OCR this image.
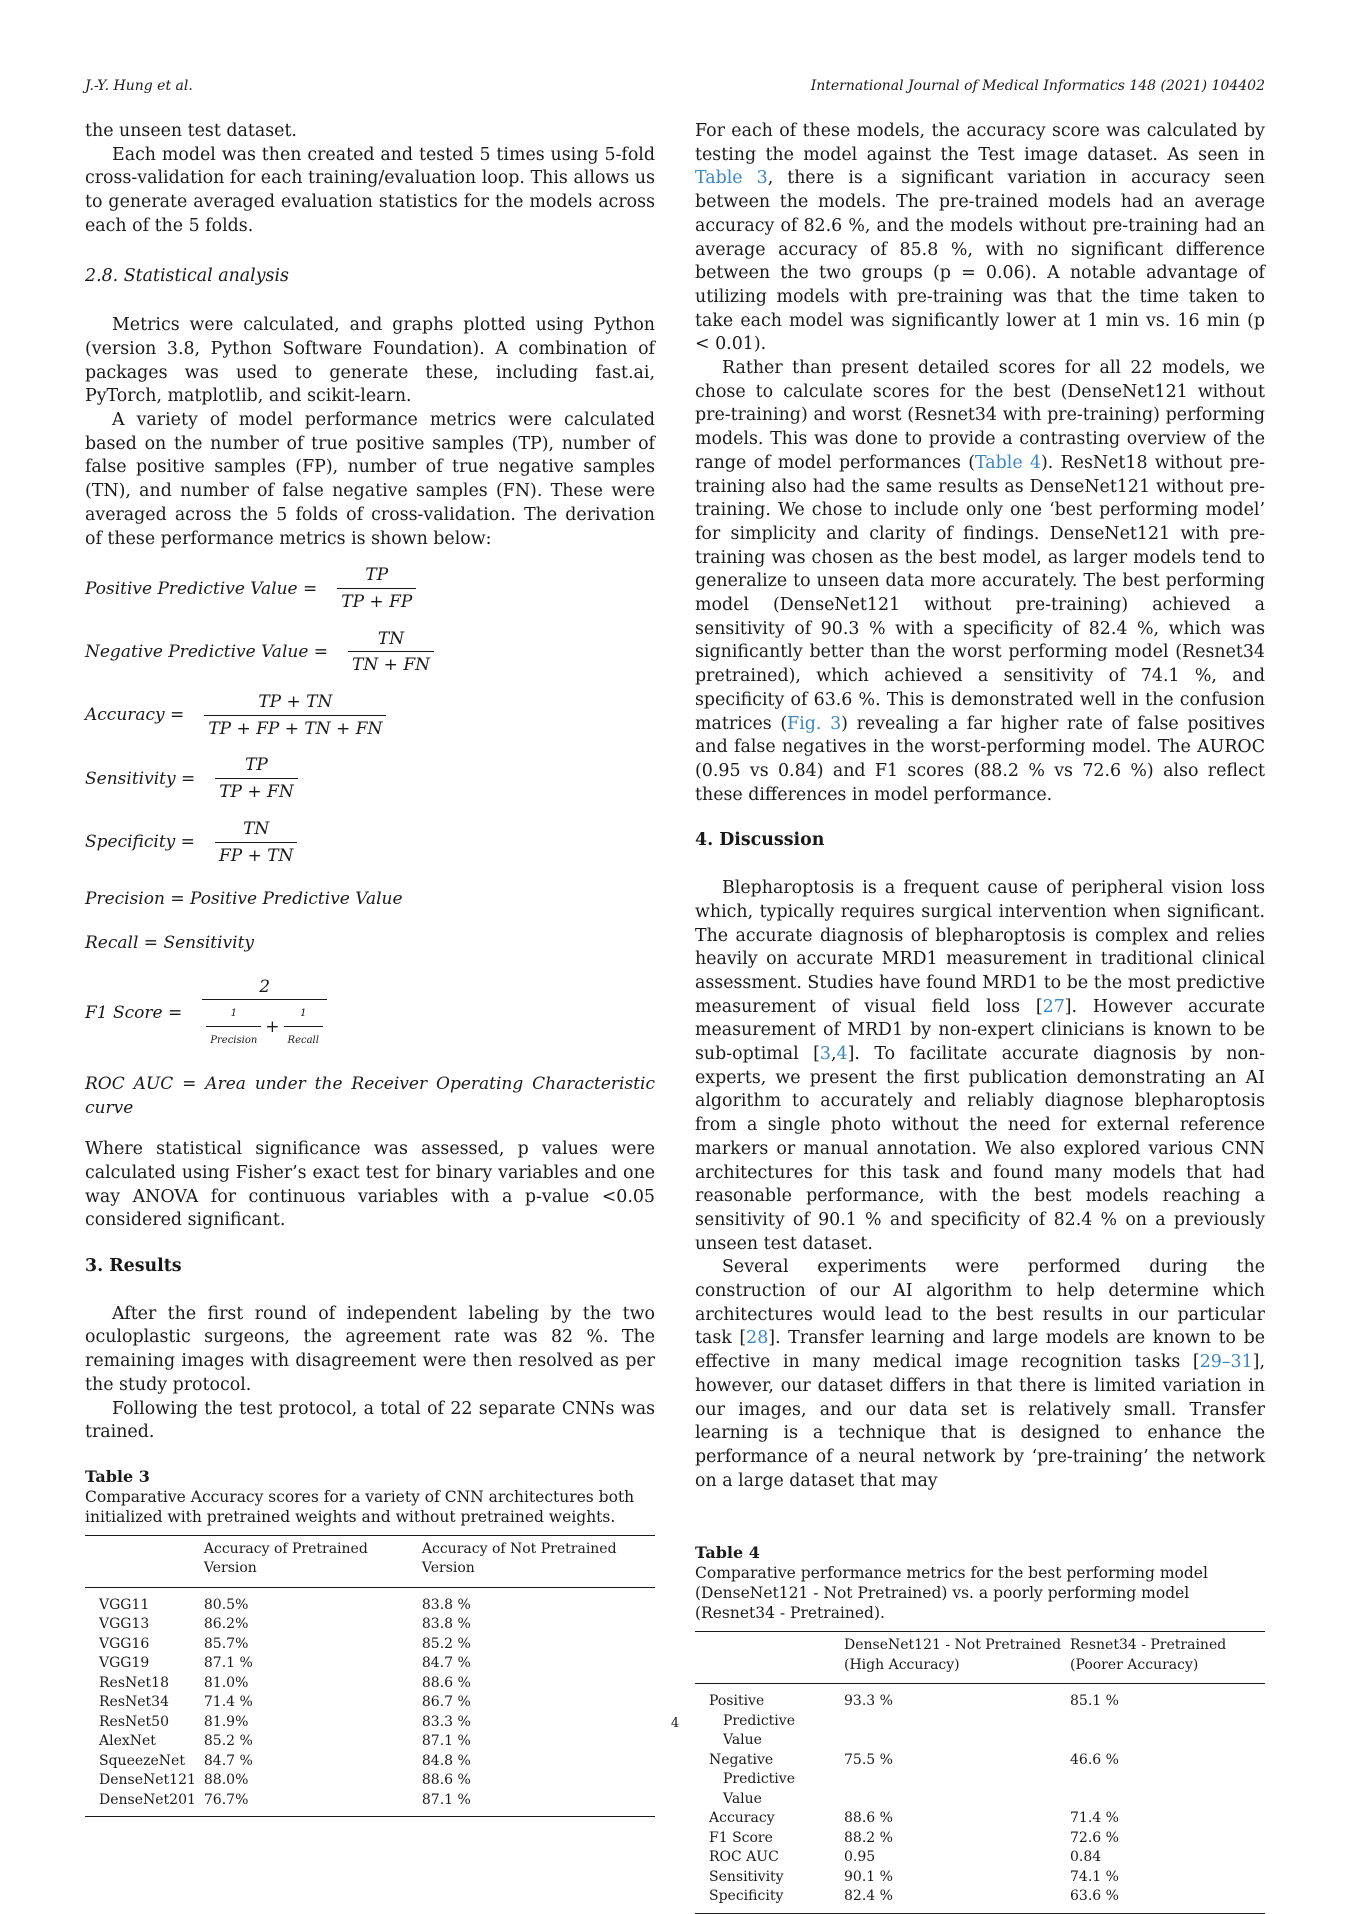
J.-Y. Hung et al.	International Journal of Medical Informatics 148 (2021) 104402

the unseen test dataset.

Each model was then created and tested 5 times using 5-fold cross-validation for each training/evaluation loop. This allows us to generate averaged evaluation statistics for the models across each of the 5 folds.

2.8. Statistical analysis

Metrics were calculated, and graphs plotted using Python (version 3.8, Python Software Foundation). A combination of packages was used to generate these, including fast.ai, PyTorch, matplotlib, and scikit-learn.

A variety of model performance metrics were calculated based on the number of true positive samples (TP), number of false positive samples (FP), number of true negative samples (TN), and number of false negative samples (FN). These were averaged across the 5 folds of cross-validation. The derivation of these performance metrics is shown below:

Positive Predictive Value = $\frac{TP}{TP + FP}$
Negative Predictive Value = $\frac{TN}{TN + FN}$
Accuracy = $\frac{TP + TN}{TP + FP + TN + FN}$
Sensitivity = $\frac{TP}{TP + FN}$
Specificity = $\frac{TN}{FP + TN}$
Precision = Positive Predictive Value
Recall = Sensitivity
F1 Score = 2
1
Precision
+
1
Recall
ROC AUC = Area under the Receiver Operating Characteristic curve

Where statistical significance was assessed, p values were calculated using Fisher’s exact test for binary variables and one way ANOVA for continuous variables with a p-value <0.05 considered significant.

3. Results

After the first round of independent labeling by the two oculoplastic surgeons, the agreement rate was 82 %. The remaining images with disagreement were then resolved as per the study protocol.

Following the test protocol, a total of 22 separate CNNs was trained.

Table 3
Comparative Accuracy scores for a variety of CNN architectures both initialized with pretrained weights and without pretrained weights.
	Accuracy of Pretrained Version	Accuracy of Not Pretrained Version
VGG11	80.5%	83.8 %
VGG13	86.2%	83.8 %
VGG16	85.7%	85.2 %
VGG19	87.1 %	84.7 %
ResNet18	81.0%	88.6 %
ResNet34	71.4 %	86.7 %
ResNet50	81.9%	83.3 %
AlexNet	85.2 %	87.1 %
SqueezeNet	84.7 %	84.8 %
DenseNet121	88.0%	88.6 %
DenseNet201	76.7%	87.1 %

For each of these models, the accuracy score was calculated by testing the model against the Test image dataset. As seen in Table 3, there is a significant variation in accuracy seen between the models. The pre-trained models had an average accuracy of 82.6 %, and the models without pre-training had an average accuracy of 85.8 %, with no significant difference between the two groups (p = 0.06). A notable advantage of utilizing models with pre-training was that the time taken to take each model was significantly lower at 1 min vs. 16 min (p < 0.01).

Rather than present detailed scores for all 22 models, we chose to calculate scores for the best (DenseNet121 without pre-training) and worst (Resnet34 with pre-training) performing models. This was done to provide a contrasting overview of the range of model performances (Table 4). ResNet18 without pre-training also had the same results as DenseNet121 without pre-training. We chose to include only one ‘best performing model’ for simplicity and clarity of findings. DenseNet121 with pre-training was chosen as the best model, as larger models tend to generalize to unseen data more accurately. The best performing model (DenseNet121 without pre-training) achieved a sensitivity of 90.3 % with a specificity of 82.4 %, which was significantly better than the worst performing model (Resnet34 pretrained), which achieved a sensitivity of 74.1 %, and specificity of 63.6 %. This is demonstrated well in the confusion matrices (Fig. 3) revealing a far higher rate of false positives and false negatives in the worst-performing model. The AUROC (0.95 vs 0.84) and F1 scores (88.2 % vs 72.6 %) also reflect these differences in model performance.

4. Discussion

Blepharoptosis is a frequent cause of peripheral vision loss which, typically requires surgical intervention when significant. The accurate diagnosis of blepharoptosis is complex and relies heavily on accurate MRD1 measurement in traditional clinical assessment. Studies have found MRD1 to be the most predictive measurement of visual field loss [27]. However accurate measurement of MRD1 by non-expert clinicians is known to be sub-optimal [3,4]. To facilitate accurate diagnosis by non-experts, we present the first publication demonstrating an AI algorithm to accurately and reliably diagnose blepharoptosis from a single photo without the need for external reference markers or manual annotation. We also explored various CNN architectures for this task and found many models that had reasonable performance, with the best models reaching a sensitivity of 90.1 % and specificity of 82.4 % on a previously unseen test dataset.

Several experiments were performed during the construction of our AI algorithm to help determine which architectures would lead to the best results in our particular task [28]. Transfer learning and large models are known to be effective in many medical image recognition tasks [29–31], however, our dataset differs in that there is limited variation in our images, and our data set is relatively small. Transfer learning is a technique that is designed to enhance the performance of a neural network by ‘pre-training’ the network on a large dataset that may

Table 4
Comparative performance metrics for the best performing model (DenseNet121 - Not Pretrained) vs. a poorly performing model (Resnet34 - Pretrained).
	DenseNet121 - Not Pretrained (High Accuracy)	Resnet34 - Pretrained (Poorer Accuracy)
Positive Predictive Value	93.3 %	85.1 %
Negative Predictive Value	75.5 %	46.6 %
Accuracy	88.6 %	71.4 %
F1 Score	88.2 %	72.6 %
ROC AUC	0.95	0.84
Sensitivity	90.1 %	74.1 %
Specificity	82.4 %	63.6 %
4
